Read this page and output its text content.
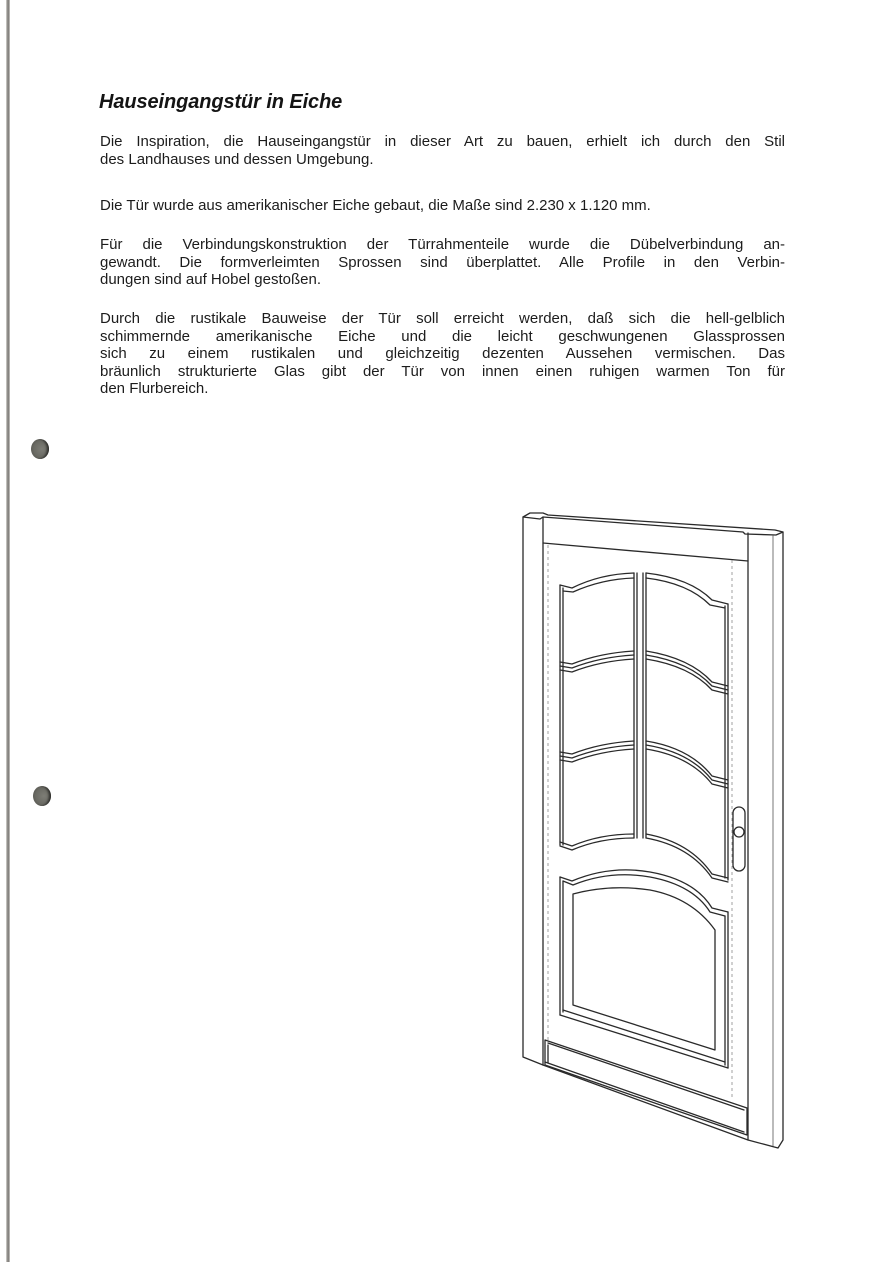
Hauseingangstür in Eiche
Die Inspiration, die Hauseingangstür in dieser Art zu bauen, erhielt ich durch den Stil
des Landhauses und dessen Umgebung.
Die Tür wurde aus amerikanischer Eiche gebaut, die Maße sind 2.230 x 1.120 mm.
Für die Verbindungskonstruktion der Türrahmenteile wurde die Dübelverbindung an-
gewandt. Die formverleimten Sprossen sind überplattet. Alle Profile in den Verbin-
dungen sind auf Hobel gestoßen.
Durch die rustikale Bauweise der Tür soll erreicht werden, daß sich die hell-gelblich
schimmernde amerikanische Eiche und die leicht geschwungenen Glassprossen
sich zu einem rustikalen und gleichzeitig dezenten Aussehen vermischen. Das
bräunlich strukturierte Glas gibt der Tür von innen einen ruhigen warmen Ton für
den Flurbereich.
